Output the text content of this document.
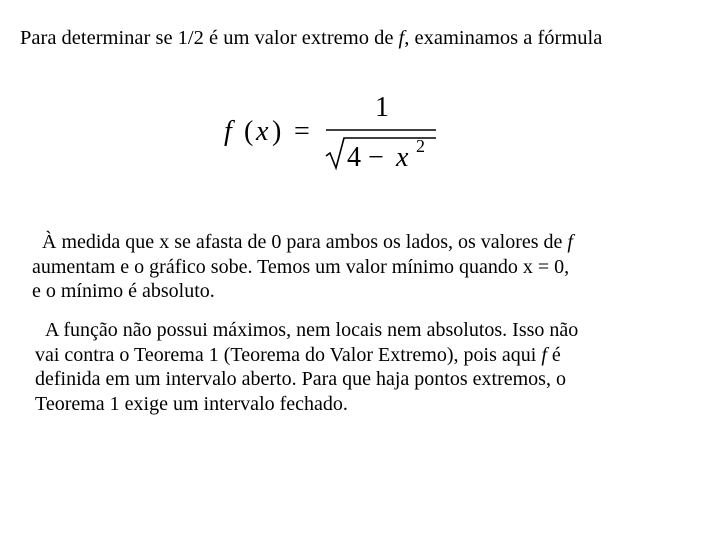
Para determinar se 1/2 é um valor extremo de f, examinamos a fórmula
f ( x ) =
1
4 − x 2
À medida que x se afasta de 0 para ambos os lados, os valores de f
aumentam e o gráfico sobe. Temos um valor mínimo quando x = 0,
e o mínimo é absoluto.
A função não possui máximos, nem locais nem absolutos. Isso não
vai contra o Teorema 1 (Teorema do Valor Extremo), pois aqui f é
definida em um intervalo aberto. Para que haja pontos extremos, o
Teorema 1 exige um intervalo fechado.
